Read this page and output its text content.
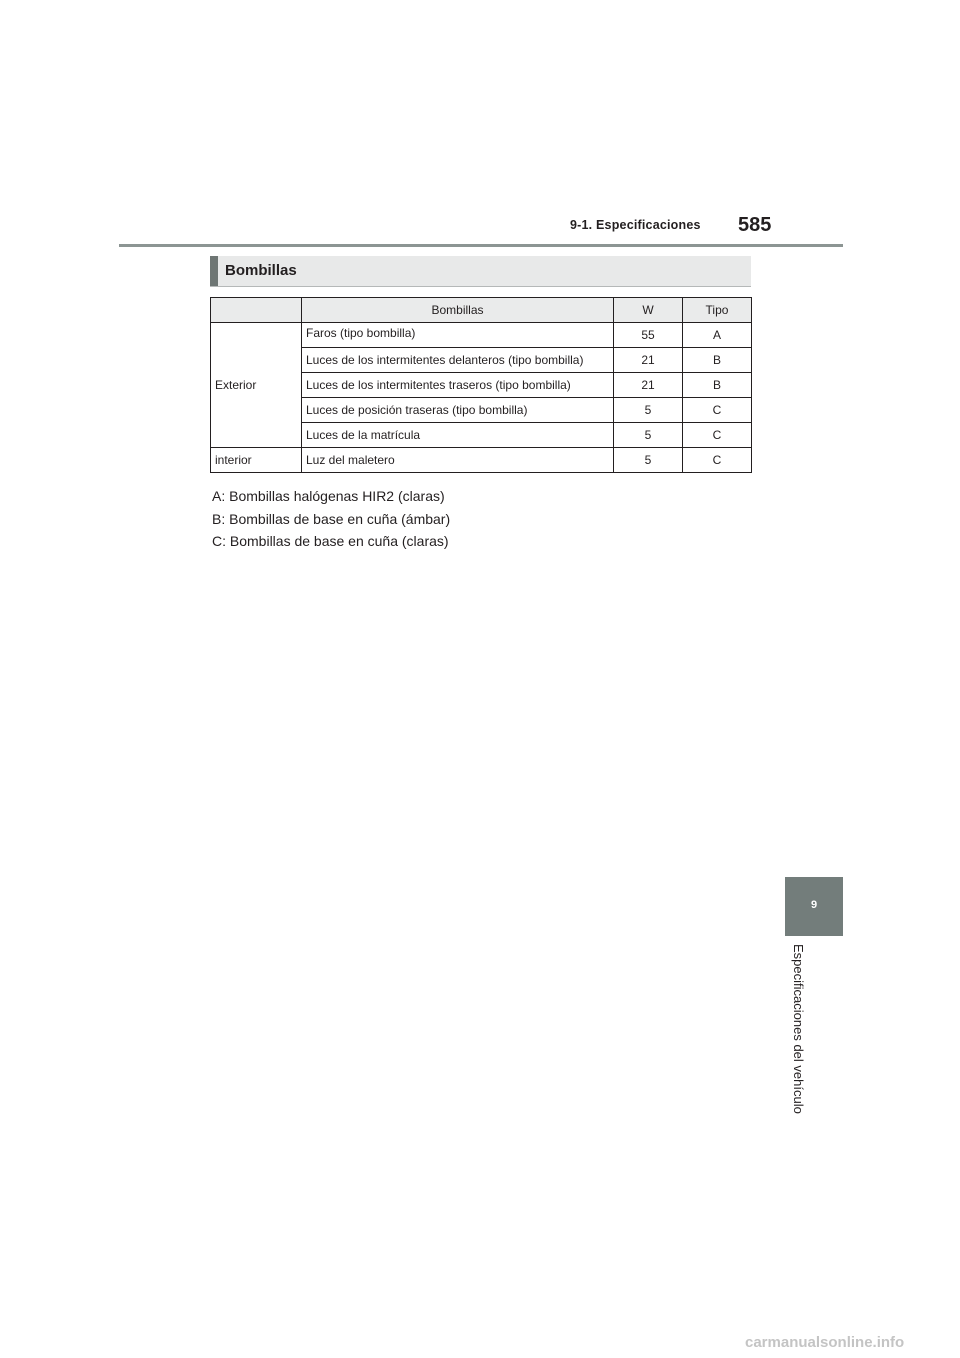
9-1. Especificaciones 585
Bombillas
	Bombillas	W	Tipo
Exterior	Faros (tipo bombilla)	55	A
	Luces de los intermitentes delanteros (tipo bombilla)	21	B
	Luces de los intermitentes traseros (tipo bombilla)	21	B
	Luces de posición traseras (tipo bombilla)	5	C
	Luces de la matrícula	5	C
interior	Luz del maletero	5	C
A: Bombillas halógenas HIR2 (claras)
B: Bombillas de base en cuña (ámbar)
C: Bombillas de base en cuña (claras)
9
Especificaciones del vehículo
carmanualsonline.info
